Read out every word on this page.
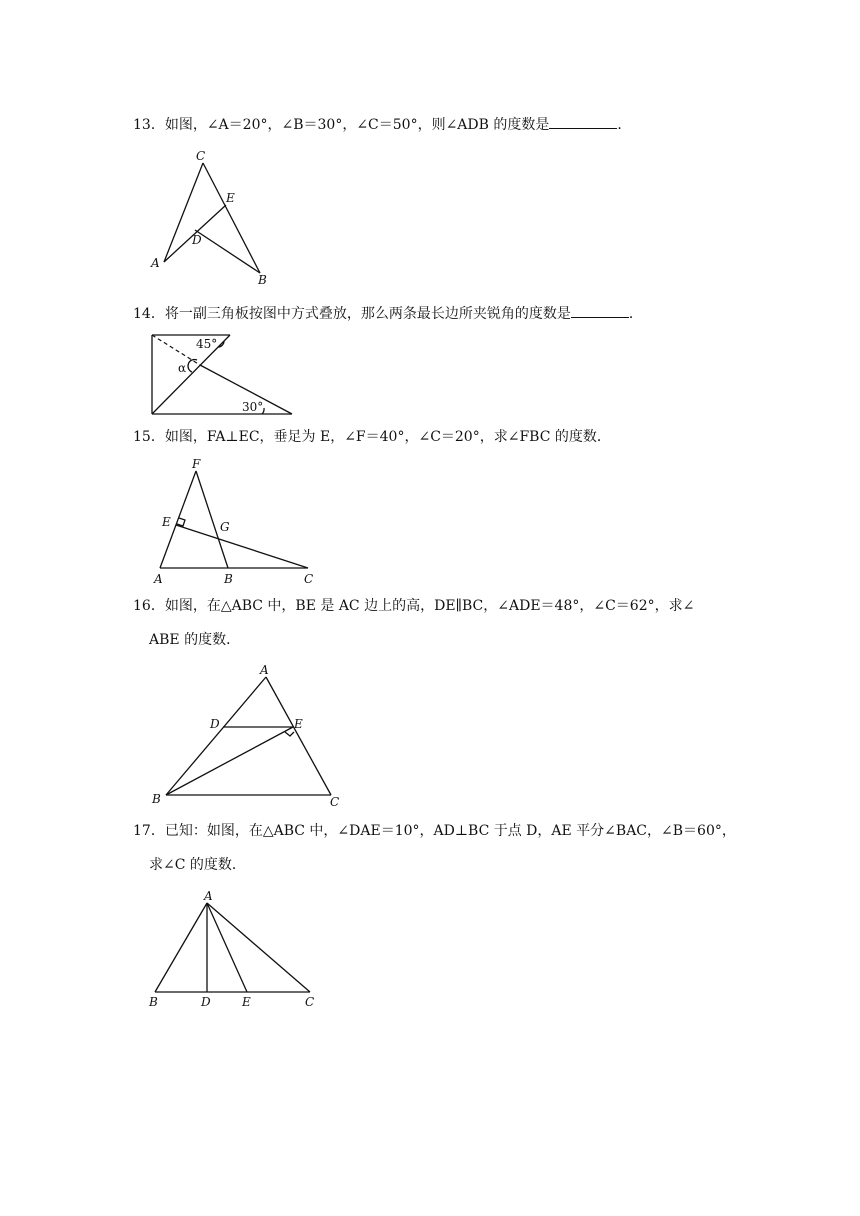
13．如图，∠A＝20°，∠B＝30°，∠C＝50°，则∠ADB 的度数是	．
C
E
D
A
B
14．将一副三角板按图中方式叠放，那么两条最长边所夹锐角的度数是	．
45°
α
30°
15．如图，FA⊥EC，垂足为 E，∠F＝40°，∠C＝20°，求∠FBC 的度数．
F
E	G
A	B	C
16．如图，在△ABC 中，BE 是 AC 边上的高，DE∥BC，∠ADE＝48°，∠C＝62°，求∠
ABE 的度数．
A
D	E
B	C
17．已知：如图，在△ABC 中，∠DAE＝10°，AD⊥BC 于点 D，AE 平分∠BAC，∠B＝60°，
求∠C 的度数．
A
B	D	E	C
